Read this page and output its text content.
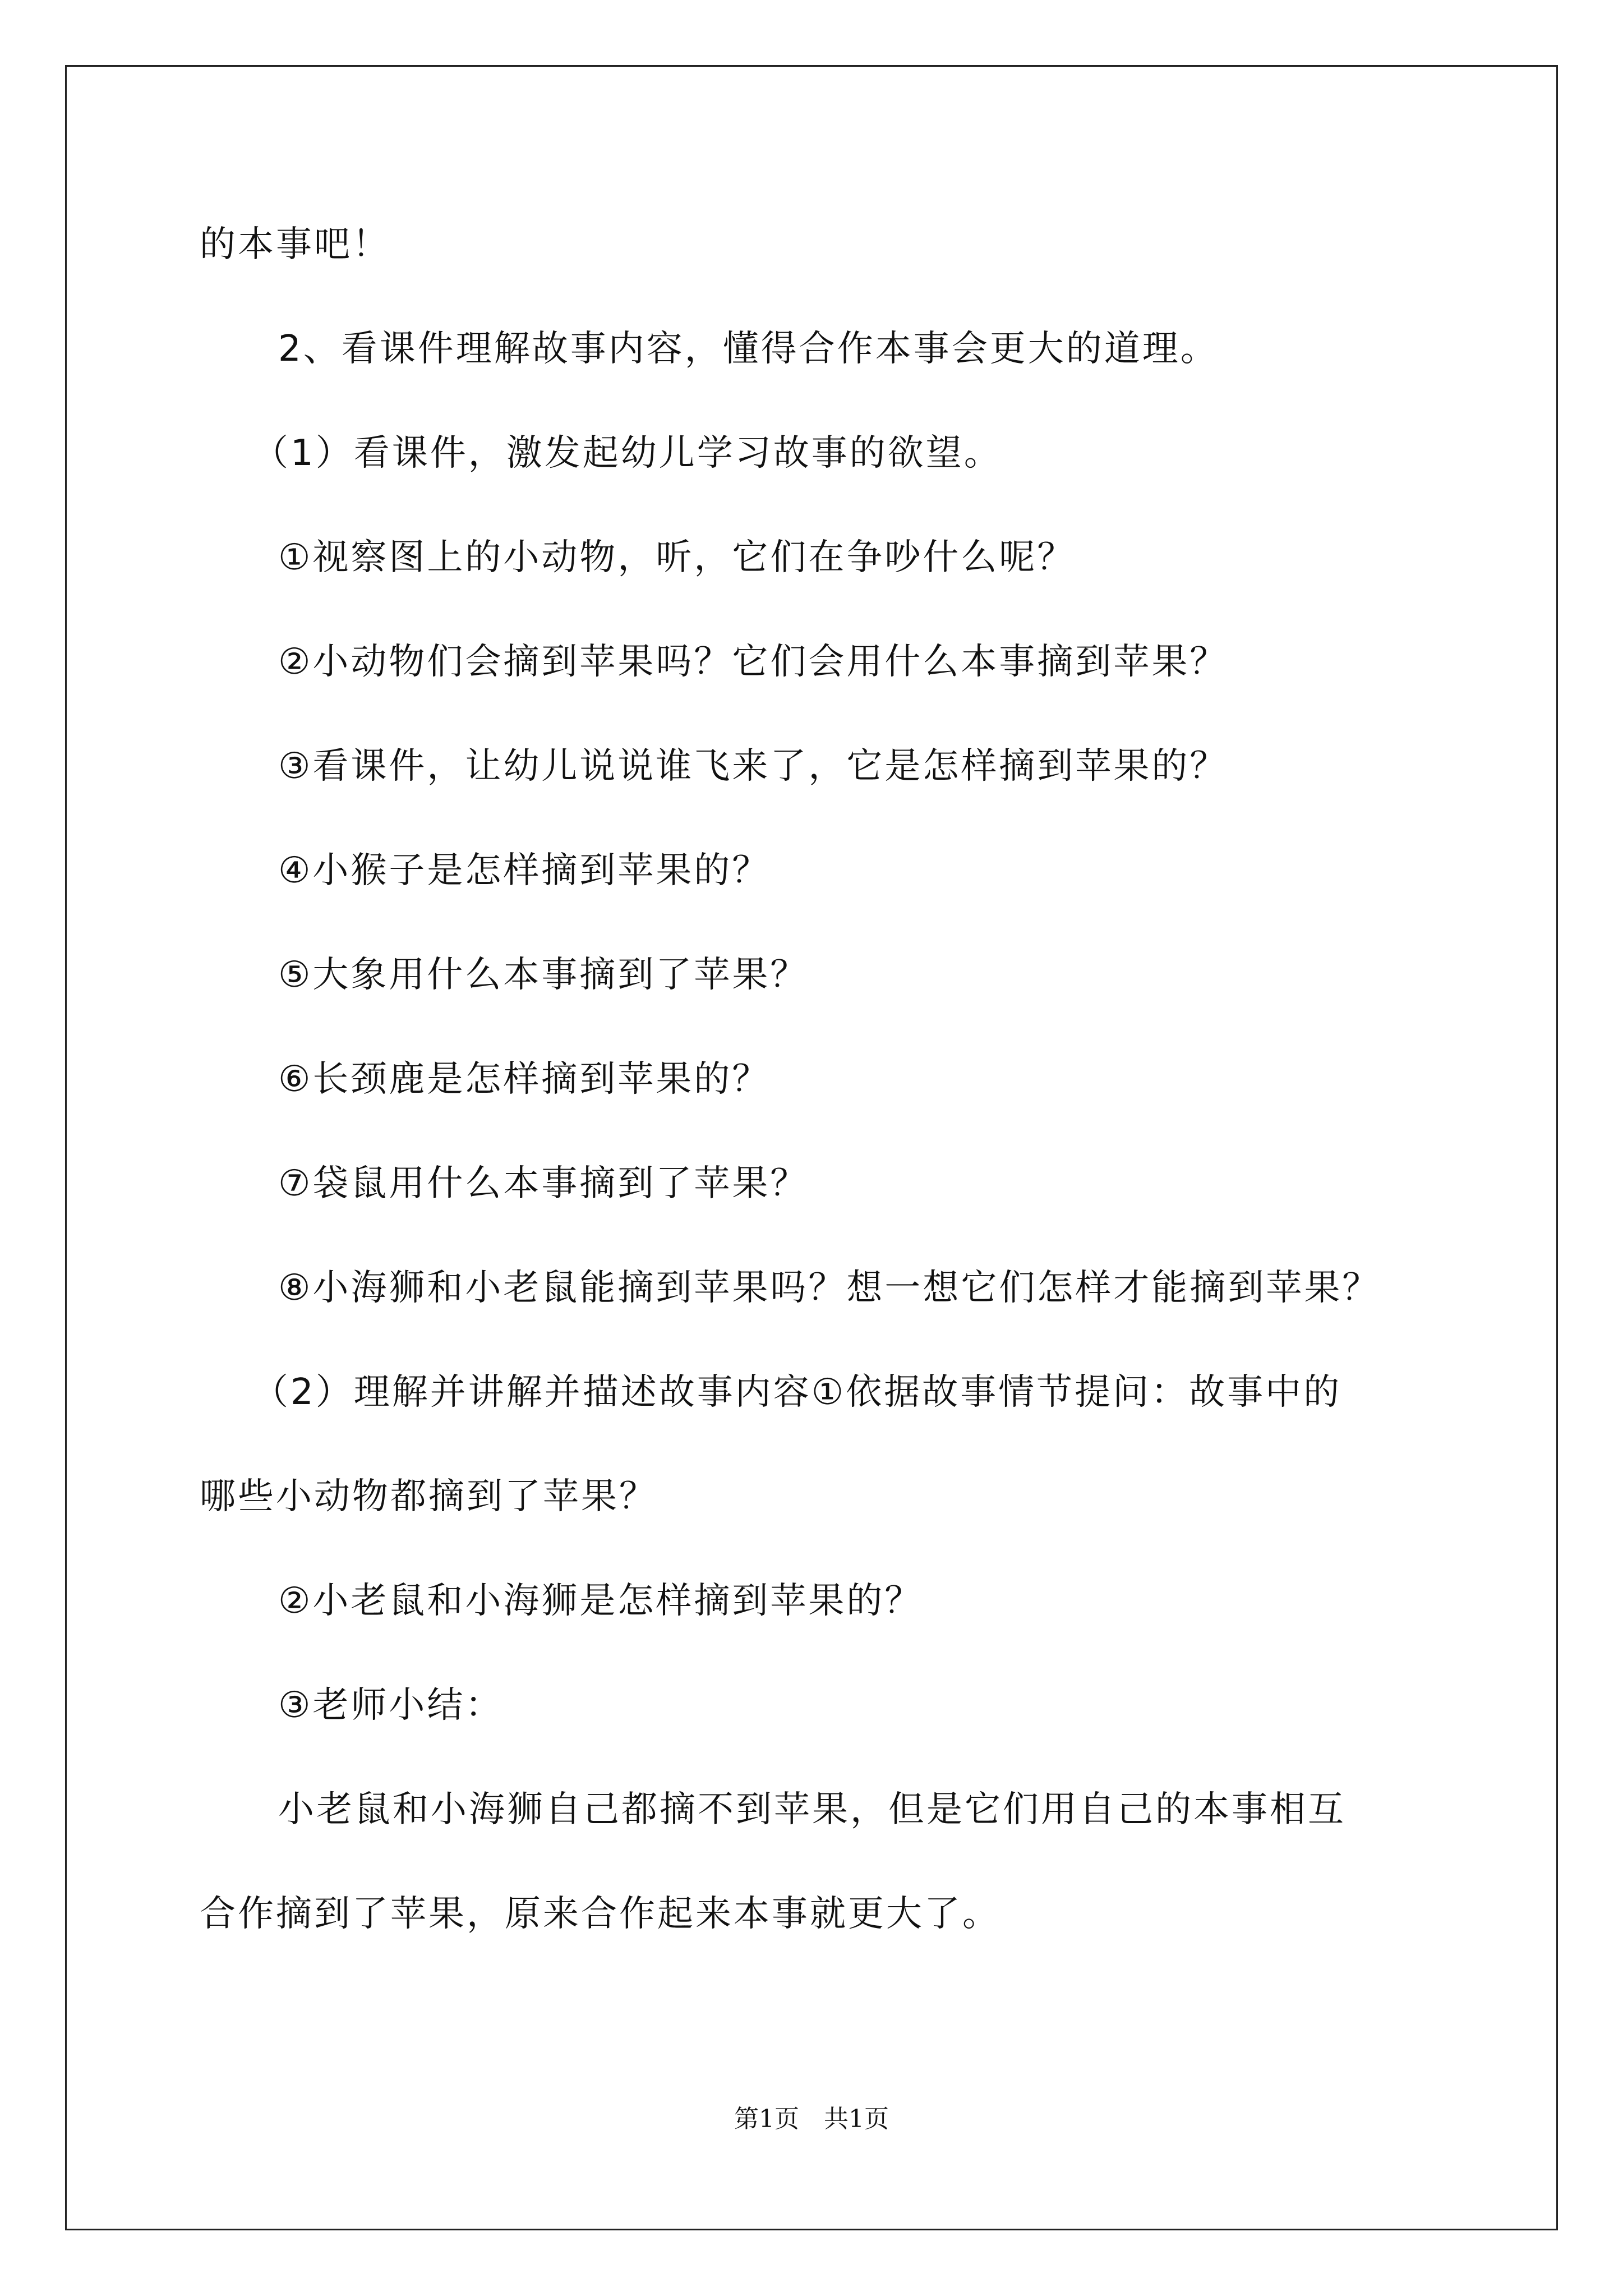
的本事吧！
2、看课件理解故事内容，懂得合作本事会更大的道理。
（1）看课件，激发起幼儿学习故事的欲望。
①视察图上的小动物，听，它们在争吵什么呢？
②小动物们会摘到苹果吗？它们会用什么本事摘到苹果？
③看课件，让幼儿说说谁飞来了，它是怎样摘到苹果的？
④小猴子是怎样摘到苹果的？
⑤大象用什么本事摘到了苹果？
⑥长颈鹿是怎样摘到苹果的？
⑦袋鼠用什么本事摘到了苹果？
⑧小海狮和小老鼠能摘到苹果吗？想一想它们怎样才能摘到苹果？
（2）理解并讲解并描述故事内容①依据故事情节提问：故事中的
哪些小动物都摘到了苹果？
②小老鼠和小海狮是怎样摘到苹果的？
③老师小结：
小老鼠和小海狮自己都摘不到苹果，但是它们用自己的本事相互
合作摘到了苹果，原来合作起来本事就更大了。
第1页 共1页
